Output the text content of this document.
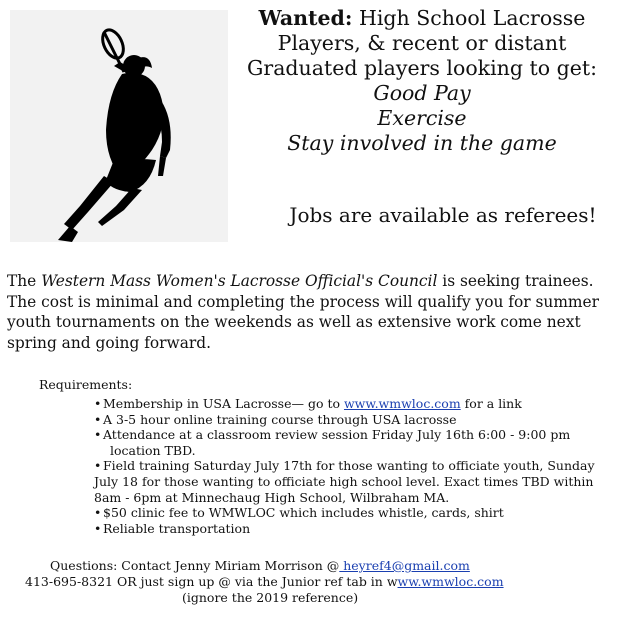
Wanted: High School Lacrosse
Players, & recent or distant
Graduated players looking to get:
Good Pay
Exercise
Stay involved in the game
Jobs are available as referees!
The Western Mass Women's Lacrosse Official's Council is seeking trainees. The cost is minimal and completing the process will qualify you for summer youth tournaments on the weekends as well as extensive work come next spring and going forward.
Requirements:
• Membership in USA Lacrosse— go to www.wmwloc.com for a link
• A 3-5 hour online training course through USA lacrosse
• Attendance at a classroom review session Friday July 16th 6:00 - 9:00 pm
location TBD.
• Field training Saturday July 17th for those wanting to officiate youth, Sunday July 18 for those wanting to officiate high school level. Exact times TBD within 8am - 6pm at Minnechaug High School, Wilbraham MA.
• $50 clinic fee to WMWLOC which includes whistle, cards, shirt
• Reliable transportation
Questions: Contact Jenny Miriam Morrison @ heyref4@gmail.com
413-695-8321 OR just sign up @ via the Junior ref tab in www.wmwloc.com
(ignore the 2019 reference)
